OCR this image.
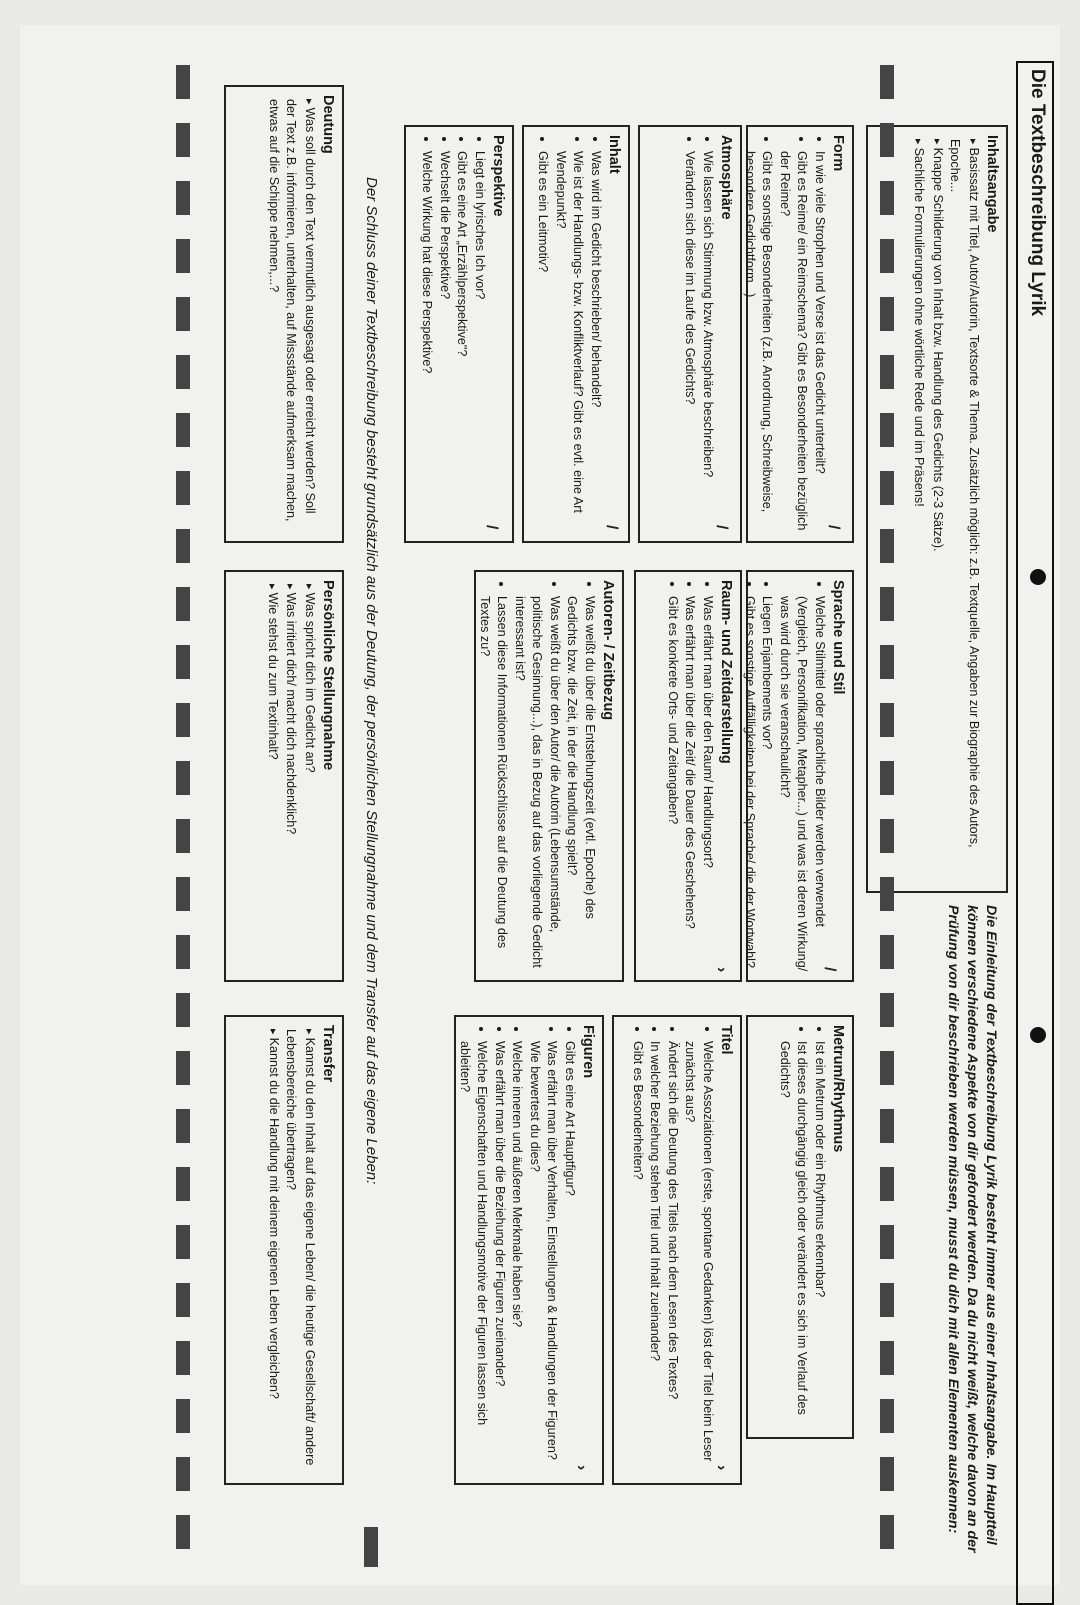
Die Textbeschreibung Lyrik
Inhaltsangabe
▸ Basissatz mit Titel, Autor/Autorin, Textsorte & Thema. Zusätzlich möglich: z.B. Textquelle, Angaben zur Biographie des Autors, Epoche...
▸ Knappe Schilderung von Inhalt bzw. Handlung des Gedichts (2-3 Sätze).
▸ Sachliche Formulierungen ohne wörtliche Rede und im Präsens!
Die Einleitung der Textbeschreibung Lyrik besteht immer aus einer Inhaltsangabe. Im Hauptteil können verschiedene Aspekte von dir gefordert werden. Da du nicht weißt, welche davon an der Prüfung von dir beschrieben werden müssen, musst du dich mit allen Elementen auskennen:
Form
• In wie viele Strophen und Verse ist das Gedicht unterteilt?
• Gibt es Reime/ ein Reimschema? Gibt es Besonderheiten bezüglich der Reime?
• Gibt es sonstige Besonderheiten (z.B. Anordnung, Schreibweise, besondere Gedichtform...)
Sprache und Stil
• Welche Stilmittel oder sprachliche Bilder werden verwendet (Vergleich, Personifikation, Metapher...) und was ist deren Wirkung/ was wird durch sie veranschaulicht?
• Liegen Enjambements vor?
• Gibt es sonstige Auffälligkeiten bei der Sprache/ die der Wortwahl?
Metrum/Rhythmus
• Ist ein Metrum oder ein Rhythmus erkennbar?
• Ist dieses durchgängig gleich oder verändert es sich im Verlauf des Gedichts?
Atmosphäre
• Wie lassen sich Stimmung bzw. Atmosphäre beschreiben?
• Verändern sich diese im Laufe des Gedichts?
Raum- und Zeitdarstellung
• Was erfährt man über den Raum/ Handlungsort?
• Was erfährt man über die Zeit/ die Dauer des Geschehens?
• Gibt es konkrete Orts- und Zeitangaben?
Titel
• Welche Assoziationen (erste, spontane Gedanken) löst der Titel beim Leser zunächst aus?
• Ändert sich die Deutung des Titels nach dem Lesen des Textes?
• In welcher Beziehung stehen Titel und Inhalt zueinander?
• Gibt es Besonderheiten?
Inhalt
• Was wird im Gedicht beschrieben/ behandelt?
• Wie ist der Handlungs- bzw. Konfliktverlauf? Gibt es evtl. eine Art Wendepunkt?
• Gibt es ein Leitmotiv?
Autoren- / Zeitbezug
• Was weißt du über die Entstehungszeit (evtl. Epoche) des Gedichts bzw. die Zeit, in der die Handlung spielt?
• Was weißt du über den Autor/ die Autorin (Lebensumstände, politische Gesinnung...), das in Bezug auf das vorliegende Gedicht interessant ist?
• Lassen diese Informationen Rückschlüsse auf die Deutung des Textes zu?
Figuren
• Gibt es eine Art Hauptfigur?
• Was erfährt man über Verhalten, Einstellungen & Handlungen der Figuren? Wie bewertest du dies?
• Welche inneren und äußeren Merkmale haben sie?
• Was erfährt man über die Beziehung der Figuren zueinander?
• Welche Eigenschaften und Handlungsmotive der Figuren lassen sich ableiten?
Perspektive
• Liegt ein lyrisches Ich vor?
• Gibt es eine Art „Erzählperspektive"?
• Wechselt die Perspektive?
• Welche Wirkung hat diese Perspektive?
Der Schluss deiner Textbeschreibung besteht grundsätzlich aus der Deutung, der persönlichen Stellungnahme und dem Transfer auf das eigene Leben:
Deutung
▸ Was soll durch den Text vermutlich ausgesagt oder erreicht werden? Soll der Text z.B. informieren, unterhalten, auf Missstände aufmerksam machen, etwas auf die Schippe nehmen,...?
Persönliche Stellungnahme
▸ Was spricht dich im Gedicht an?
▸ Was irritiert dich/ macht dich nachdenklich?
▸ Wie stehst du zum Textinhalt?
Transfer
▸ Kannst du den Inhalt auf das eigene Leben/ die heutige Gesellschaft/ andere Lebensbereiche übertragen?
▸ Kannst du die Handlung mit deinem eigenen Leben vergleichen?
/
/
/
/
/
›
›
›
